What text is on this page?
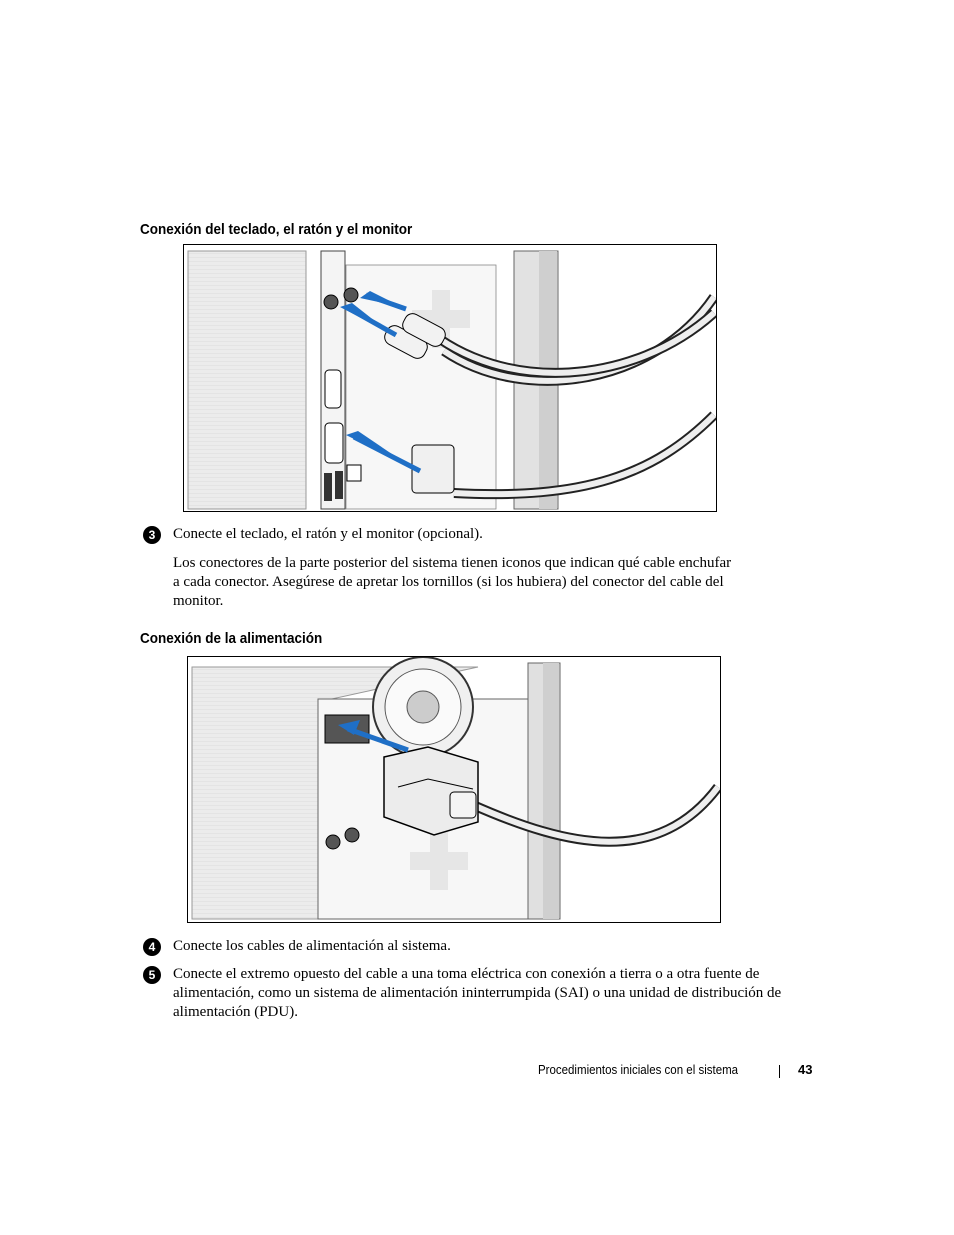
Conexión del teclado, el ratón y el monitor
3	Conecte el teclado, el ratón y el monitor (opcional).
Los conectores de la parte posterior del sistema tienen iconos que indican qué cable enchufar a cada conector. Asegúrese de apretar los tornillos (si los hubiera) del conector del cable del monitor.
Conexión de la alimentación
4	Conecte los cables de alimentación al sistema.
5	Conecte el extremo opuesto del cable a una toma eléctrica con conexión a tierra o a otra fuente de alimentación, como un sistema de alimentación ininterrumpida (SAI) o una unidad de distribución de alimentación (PDU).
Procedimientos iniciales con el sistema	43
